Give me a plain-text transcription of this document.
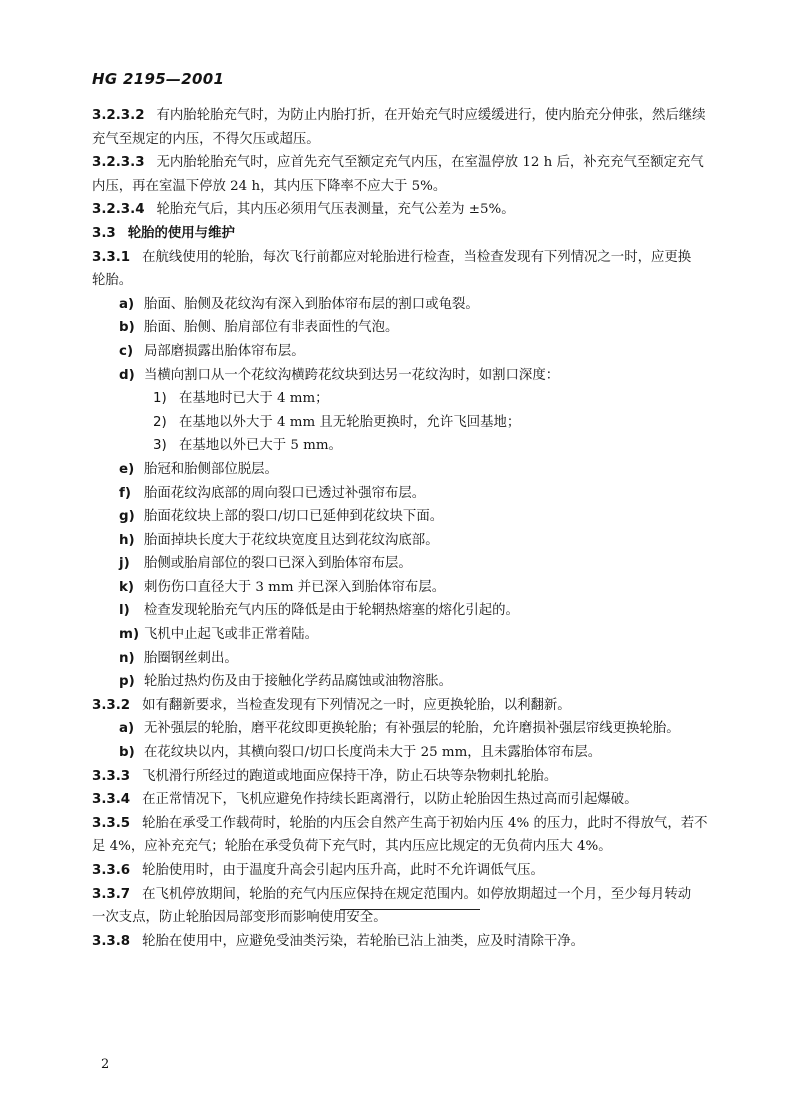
HG 2195—2001
3.2.3.2 有内胎轮胎充气时，为防止内胎打折，在开始充气时应缓缓进行，使内胎充分伸张，然后继续
充气至规定的内压，不得欠压或超压。
3.2.3.3 无内胎轮胎充气时，应首先充气至额定充气内压，在室温停放 12 h 后，补充充气至额定充气
内压，再在室温下停放 24 h，其内压下降率不应大于 5%。
3.2.3.4 轮胎充气后，其内压必须用气压表测量，充气公差为 ±5%。
3.3 轮胎的使用与维护
3.3.1 在航线使用的轮胎，每次飞行前都应对轮胎进行检查，当检查发现有下列情况之一时，应更换
轮胎。
a) 胎面、胎侧及花纹沟有深入到胎体帘布层的割口或龟裂。
b) 胎面、胎侧、胎肩部位有非表面性的气泡。
c) 局部磨损露出胎体帘布层。
d) 当横向割口从一个花纹沟横跨花纹块到达另一花纹沟时，如割口深度：
1) 在基地时已大于 4 mm；
2) 在基地以外大于 4 mm 且无轮胎更换时，允许飞回基地；
3) 在基地以外已大于 5 mm。
e) 胎冠和胎侧部位脱层。
f) 胎面花纹沟底部的周向裂口已透过补强帘布层。
g) 胎面花纹块上部的裂口/切口已延伸到花纹块下面。
h) 胎面掉块长度大于花纹块宽度且达到花纹沟底部。
j) 胎侧或胎肩部位的裂口已深入到胎体帘布层。
k) 刺伤伤口直径大于 3 mm 并已深入到胎体帘布层。
l) 检查发现轮胎充气内压的降低是由于轮辋热熔塞的熔化引起的。
m) 飞机中止起飞或非正常着陆。
n) 胎圈钢丝刺出。
p) 轮胎过热灼伤及由于接触化学药品腐蚀或油物溶胀。
3.3.2 如有翻新要求，当检查发现有下列情况之一时，应更换轮胎，以利翻新。
a) 无补强层的轮胎，磨平花纹即更换轮胎；有补强层的轮胎，允许磨损补强层帘线更换轮胎。
b) 在花纹块以内，其横向裂口/切口长度尚未大于 25 mm，且未露胎体帘布层。
3.3.3 飞机滑行所经过的跑道或地面应保持干净，防止石块等杂物刺扎轮胎。
3.3.4 在正常情况下，飞机应避免作持续长距离滑行，以防止轮胎因生热过高而引起爆破。
3.3.5 轮胎在承受工作载荷时，轮胎的内压会自然产生高于初始内压 4% 的压力，此时不得放气，若不
足 4%，应补充充气；轮胎在承受负荷下充气时，其内压应比规定的无负荷内压大 4%。
3.3.6 轮胎使用时，由于温度升高会引起内压升高，此时不允许调低气压。
3.3.7 在飞机停放期间，轮胎的充气内压应保持在规定范围内。如停放期超过一个月，至少每月转动
一次支点，防止轮胎因局部变形而影响使用安全。
3.3.8 轮胎在使用中，应避免受油类污染，若轮胎已沾上油类，应及时清除干净。
2
